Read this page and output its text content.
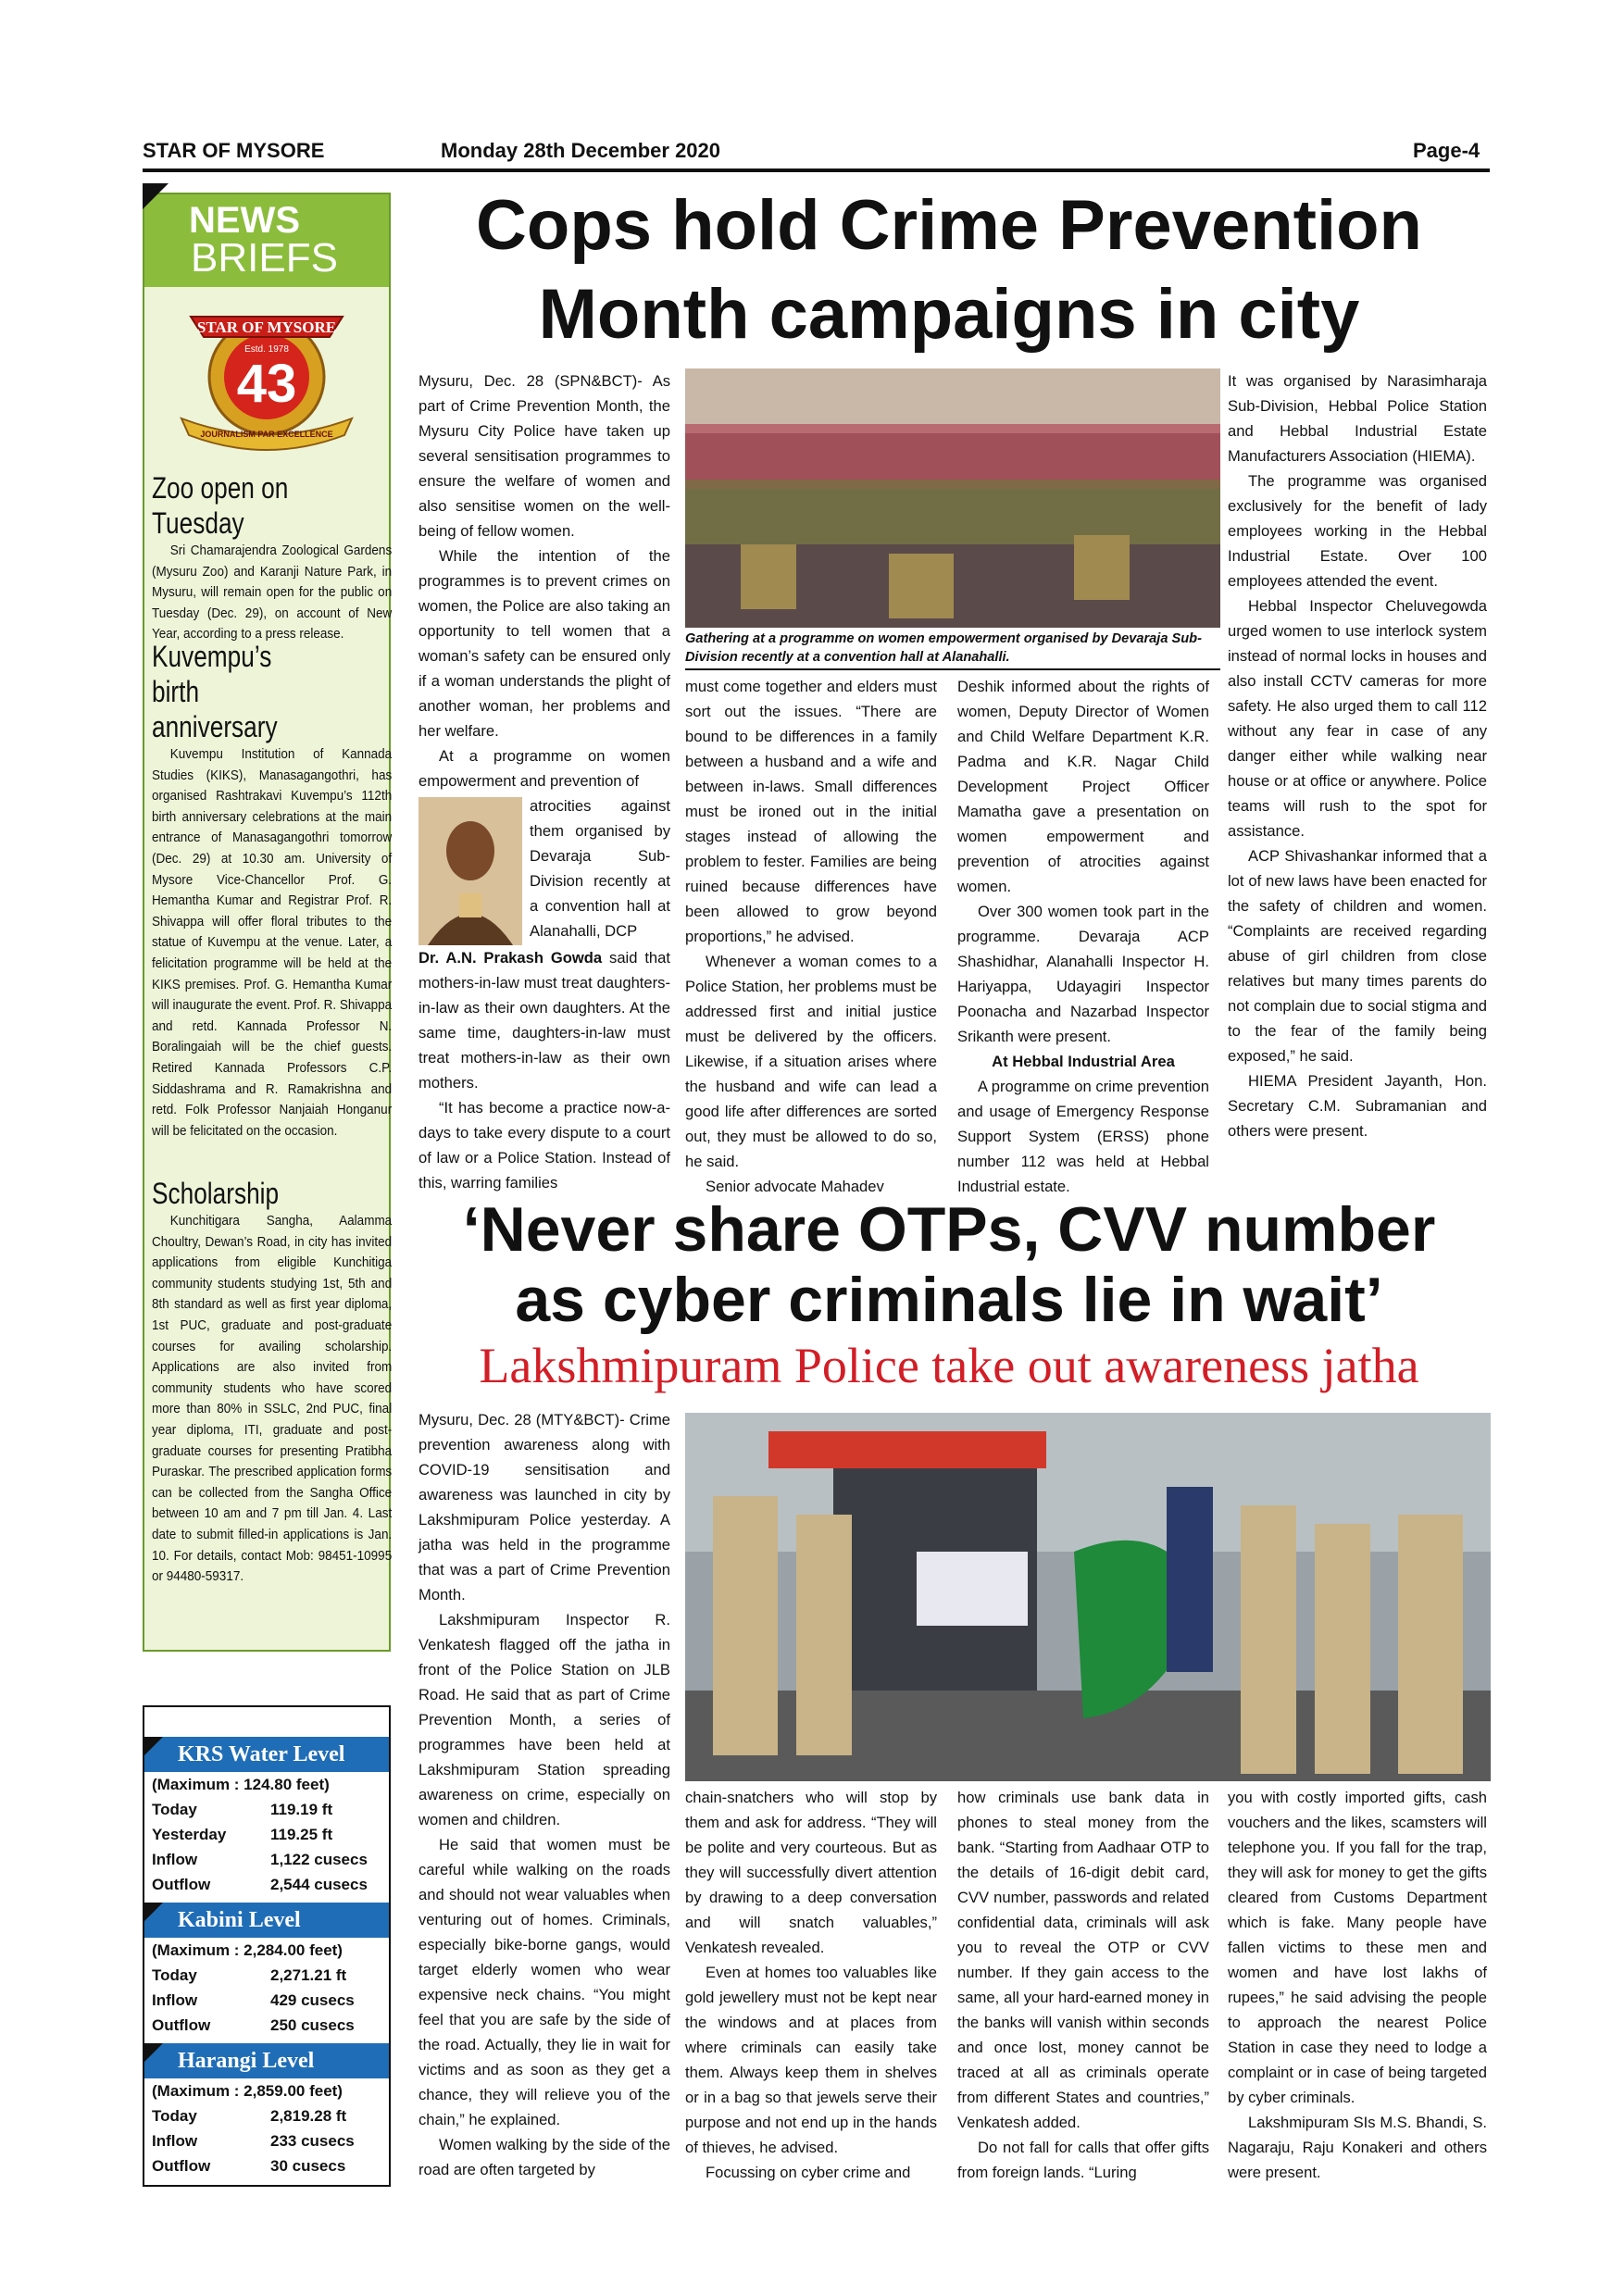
STAR OF MYSORE	Monday 28th December 2020	Page-4
NEWS
BRIEFS
STAR OF MYSORE
Estd. 1978
43
JOURNALISM PAR EXCELLENCE
Zoo open on Tuesday
Sri Chamarajendra Zoological Gardens (Mysuru Zoo) and Karanji Nature Park, in Mysuru, will remain open for the public on Tuesday (Dec. 29), on account of New Year, according to a press release.
Kuvempu’s birth anniversary
Kuvempu Institution of Kannada Studies (KIKS), Manasagangothri, has organised Rashtrakavi Kuvempu’s 112th birth anniversary celebrations at the main entrance of Manasagangothri tomorrow (Dec. 29) at 10.30 am. University of Mysore Vice-Chancellor Prof. G. Hemantha Kumar and Registrar Prof. R. Shivappa will offer floral tributes to the statue of Kuvempu at the venue. Later, a felicitation programme will be held at the KIKS premises. Prof. G. Hemantha Kumar will inaugurate the event. Prof. R. Shivappa and retd. Kannada Professor N. Boralingaiah will be the chief guests. Retired Kannada Professors C.P. Siddashrama and R. Ramakrishna and retd. Folk Professor Nanjaiah Honganur will be felicitated on the occasion.
Scholarship
Kunchitigara Sangha, Aalamma Choultry, Dewan’s Road, in city has invited applications from eligible Kunchitiga community students studying 1st, 5th and 8th standard as well as first year diploma, 1st PUC, graduate and post-graduate courses for availing scholarship. Applications are also invited from community students who have scored more than 80% in SSLC, 2nd PUC, final year diploma, ITI, graduate and post-graduate courses for presenting Pratibha Puraskar. The prescribed application forms can be collected from the Sangha Office between 10 am and 7 pm till Jan. 4. Last date to submit filled-in applications is Jan. 10. For details, contact Mob: 98451-10995 or 94480-59317.
KRS Water Level
(Maximum : 124.80 feet)
Today	119.19 ft
Yesterday	119.25 ft
Inflow	1,122 cusecs
Outflow	2,544 cusecs
Kabini Level
(Maximum : 2,284.00 feet)
Today	2,271.21 ft
Inflow	429 cusecs
Outflow	250 cusecs
Harangi Level
(Maximum : 2,859.00 feet)
Today	2,819.28 ft
Inflow	233 cusecs
Outflow	30 cusecs
Cops hold Crime Prevention
Month campaigns in city

Mysuru, Dec. 28 (SPN&BCT)- As part of Crime Prevention Month, the Mysuru City Police have taken up several sensitisation programmes to ensure the welfare of women and also sensitise women on the well-being of fellow women.

While the intention of the programmes is to prevent crimes on women, the Police are also taking an opportunity to tell women that a woman’s safety can be ensured only if a woman understands the plight of another woman, her problems and her welfare.

At a programme on women empowerment and prevention of

atrocities against them organised by Devaraja Sub-Division recently at a convention hall at Alanahalli, DCP

Dr. A.N. Prakash Gowda said that mothers-in-law must treat daughters-in-law as their own daughters. At the same time, daughters-in-law must treat mothers-in-law as their own mothers.

“It has become a practice now-a-days to take every dispute to a court of law or a Police Station. Instead of this, warring families

Gathering at a programme on women empowerment organised by Devaraja Sub-Division recently at a convention hall at Alanahalli.

must come together and elders must sort out the issues. “There are bound to be differences in a family between a husband and a wife and between in-laws. Small differences must be ironed out in the initial stages instead of allowing the problem to fester. Families are being ruined because differences have been allowed to grow beyond proportions,” he advised.

Whenever a woman comes to a Police Station, her problems must be addressed first and initial justice must be delivered by the officers. Likewise, if a situation arises where the husband and wife can lead a good life after differences are sorted out, they must be allowed to do so, he said.

Senior advocate Mahadev

Deshik informed about the rights of women, Deputy Director of Women and Child Welfare Department K.R. Padma and K.R. Nagar Child Development Project Officer Mamatha gave a presentation on women empowerment and prevention of atrocities against women.

Over 300 women took part in the programme. Devaraja ACP Shashidhar, Alanahalli Inspector H. Hariyappa, Udayagiri Inspector Poonacha and Nazarbad Inspector Srikanth were present.

At Hebbal Industrial Area

A programme on crime prevention and usage of Emergency Response Support System (ERSS) phone number 112 was held at Hebbal Industrial estate.

It was organised by Narasimharaja Sub-Division, Hebbal Police Station and Hebbal Industrial Estate Manufacturers Association (HIEMA).

The programme was organised exclusively for the benefit of lady employees working in the Hebbal Industrial Estate. Over 100 employees attended the event.

Hebbal Inspector Cheluvegowda urged women to use interlock system instead of normal locks in houses and also install CCTV cameras for more safety. He also urged them to call 112 without any fear in case of any danger either while walking near house or at office or anywhere. Police teams will rush to the spot for assistance.

ACP Shivashankar informed that a lot of new laws have been enacted for the safety of children and women. “Complaints are received regarding abuse of girl children from close relatives but many times parents do not complain due to social stigma and to the fear of the family being exposed,” he said.

HIEMA President Jayanth, Hon. Secretary C.M. Subramanian and others were present.

‘Never share OTPs, CVV number
as cyber criminals lie in wait’
Lakshmipuram Police take out awareness jatha

Mysuru, Dec. 28 (MTY&BCT)- Crime prevention awareness along with COVID-19 sensitisation and awareness was launched in city by Lakshmipuram Police yesterday. A jatha was held in the programme that was a part of Crime Prevention Month.

Lakshmipuram Inspector R. Venkatesh flagged off the jatha in front of the Police Station on JLB Road. He said that as part of Crime Prevention Month, a series of programmes have been held at Lakshmipuram Station spreading awareness on crime, especially on women and children.

He said that women must be careful while walking on the roads and should not wear valuables when venturing out of homes. Criminals, especially bike-borne gangs, would target elderly women who wear expensive neck chains. “You might feel that you are safe by the side of the road. Actually, they lie in wait for victims and as soon as they get a chance, they will relieve you of the chain,” he explained.

Women walking by the side of the road are often targeted by

chain-snatchers who will stop by them and ask for address. “They will be polite and very courteous. But as they will successfully divert attention by drawing to a deep conversation and will snatch valuables,” Venkatesh revealed.

Even at homes too valuables like gold jewellery must not be kept near the windows and at places from where criminals can easily take them. Always keep them in shelves or in a bag so that jewels serve their purpose and not end up in the hands of thieves, he advised.

Focussing on cyber crime and

how criminals use bank data in phones to steal money from the bank. “Starting from Aadhaar OTP to the details of 16-digit debit card, CVV number, passwords and related confidential data, criminals will ask you to reveal the OTP or CVV number. If they gain access to the same, all your hard-earned money in the banks will vanish within seconds and once lost, money cannot be traced at all as criminals operate from different States and countries,” Venkatesh added.

Do not fall for calls that offer gifts from foreign lands. “Luring

you with costly imported gifts, cash vouchers and the likes, scamsters will telephone you. If you fall for the trap, they will ask for money to get the gifts cleared from Customs Department which is fake. Many people have fallen victims to these men and women and have lost lakhs of rupees,” he said advising the people to approach the nearest Police Station in case they need to lodge a complaint or in case of being targeted by cyber criminals.

Lakshmipuram SIs M.S. Bhandi, S. Nagaraju, Raju Konakeri and others were present.
